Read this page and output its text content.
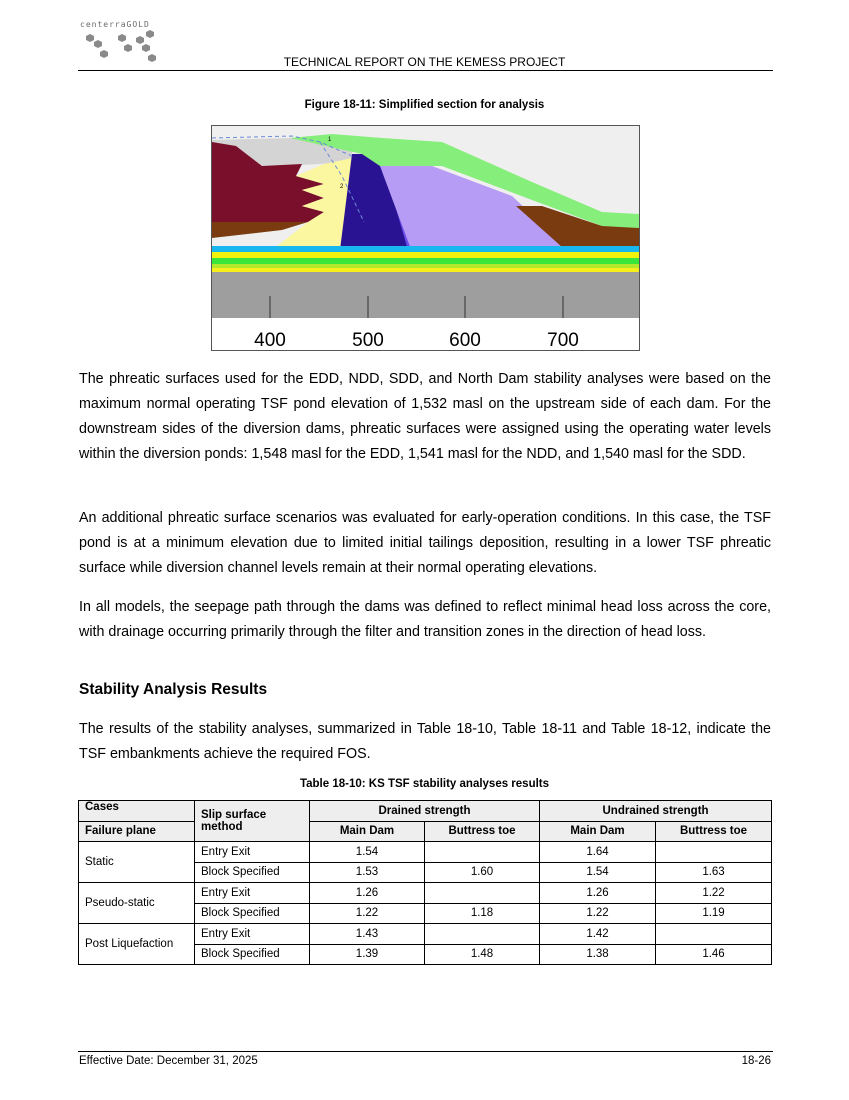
centerraGOLD
TECHNICAL REPORT ON THE KEMESS PROJECT
Figure 18-11: Simplified section for analysis
1
2
400	500	600	700

The phreatic surfaces used for the EDD, NDD, SDD, and North Dam stability analyses were based on the maximum normal operating TSF pond elevation of 1,532 masl on the upstream side of each dam. For the downstream sides of the diversion dams, phreatic surfaces were assigned using the operating water levels within the diversion ponds: 1,548 masl for the EDD, 1,541 masl for the NDD, and 1,540 masl for the SDD.

An additional phreatic surface scenarios was evaluated for early-operation conditions. In this case, the TSF pond is at a minimum elevation due to limited initial tailings deposition, resulting in a lower TSF phreatic surface while diversion channel levels remain at their normal operating elevations.

In all models, the seepage path through the dams was defined to reflect minimal head loss across the core, with drainage occurring primarily through the filter and transition zones in the direction of head loss.

Stability Analysis Results

The results of the stability analyses, summarized in Table 18-10, Table 18-11 and Table 18-12, indicate the TSF embankments achieve the required FOS.

Table 18-10: KS TSF stability analyses results
Cases	Slip surface method	Drained strength		Undrained strength	
Failure plane		Main Dam	Buttress toe	Main Dam	Buttress toe
Static	Entry Exit	1.54		1.64	
	Block Specified	1.53	1.60	1.54	1.63
Pseudo-static	Entry Exit	1.26		1.26	1.22
	Block Specified	1.22	1.18	1.22	1.19
Post Liquefaction	Entry Exit	1.43		1.42	
	Block Specified	1.39	1.48	1.38	1.46
Effective Date: December 31, 2025	18-26
